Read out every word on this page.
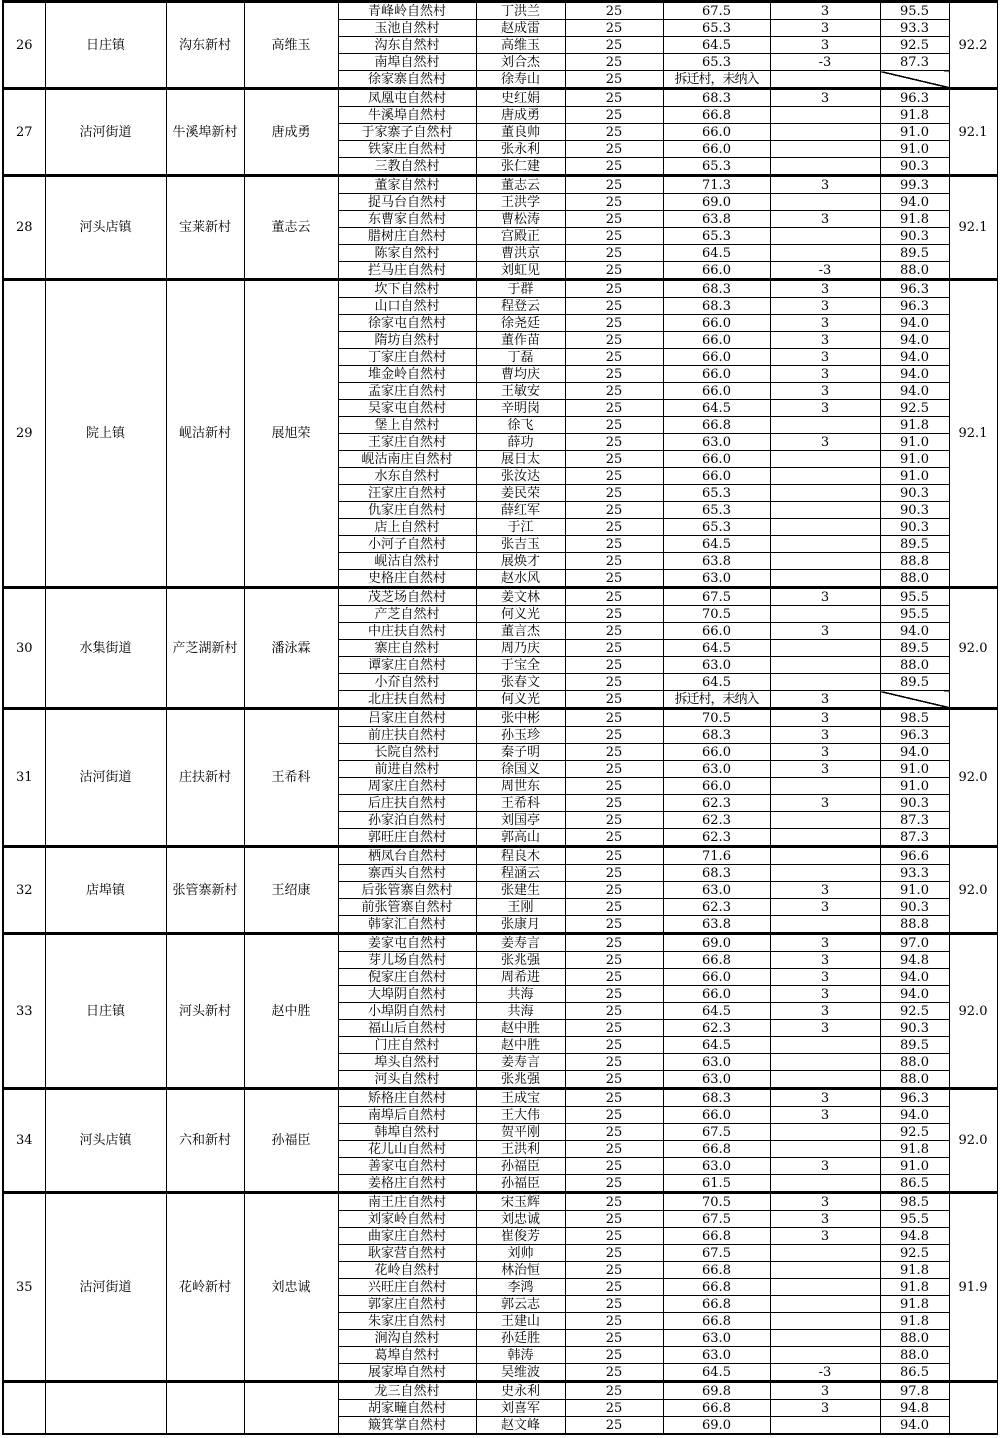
26	日庄镇	沟东新村	高维玉	青峰岭自然村	丁洪兰	25	67.5	3	95.5	92.2
				玉池自然村	赵成雷	25	65.3	3	93.3	
				沟东自然村	高维玉	25	64.5	3	92.5	
				南埠自然村	刘合杰	25	65.3	-3	87.3	
				徐家寨自然村	徐寿山	25	拆迁村，未纳入			
27	沽河街道	牛溪埠新村	唐成勇	凤凰屯自然村	史红娟	25	68.3	3	96.3	92.1
				牛溪埠自然村	唐成勇	25	66.8		91.8	
				于家寨子自然村	董良帅	25	66.0		91.0	
				铁家庄自然村	张永利	25	66.0		91.0	
				三教自然村	张仁建	25	65.3		90.3	
28	河头店镇	宝莱新村	董志云	董家自然村	董志云	25	71.3	3	99.3	92.1
				捉马台自然村	王洪学	25	69.0		94.0	
				东曹家自然村	曹松涛	25	63.8	3	91.8	
				腊树庄自然村	宫殿正	25	65.3		90.3	
				陈家自然村	曹洪京	25	64.5		89.5	
				拦马庄自然村	刘虹见	25	66.0	-3	88.0	
29	院上镇	岘沽新村	展旭荣	坎下自然村	于群	25	68.3	3	96.3	92.1
				山口自然村	程登云	25	68.3	3	96.3	
				徐家屯自然村	徐尧廷	25	66.0	3	94.0	
				隋坊自然村	董作苗	25	66.0	3	94.0	
				丁家庄自然村	丁磊	25	66.0	3	94.0	
				堆金岭自然村	曹均庆	25	66.0	3	94.0	
				孟家庄自然村	王敏安	25	66.0	3	94.0	
				吴家屯自然村	辛明岗	25	64.5	3	92.5	
				堡上自然村	徐飞	25	66.8		91.8	
				王家庄自然村	薛功	25	63.0	3	91.0	
				岘沽南庄自然村	展日太	25	66.0		91.0	
				水东自然村	张汝达	25	66.0		91.0	
				汪家庄自然村	姜民荣	25	65.3		90.3	
				仇家庄自然村	薛红军	25	65.3		90.3	
				店上自然村	于江	25	65.3		90.3	
				小河子自然村	张吉玉	25	64.5		89.5	
				岘沽自然村	展焕才	25	63.8		88.8	
				史格庄自然村	赵水风	25	63.0		88.0	
30	水集街道	产芝湖新村	潘泳霖	茂芝场自然村	姜文林	25	67.5	3	95.5	92.0
				产芝自然村	何义光	25	70.5		95.5	
				中庄扶自然村	董言杰	25	66.0	3	94.0	
				寨庄自然村	周乃庆	25	64.5		89.5	
				谭家庄自然村	于宝全	25	63.0		88.0	
				小夼自然村	张春文	25	64.5		89.5	
				北庄扶自然村	何义光	25	拆迁村，未纳入	3		
31	沽河街道	庄扶新村	王希科	吕家庄自然村	张中彬	25	70.5	3	98.5	92.0
				前庄扶自然村	孙玉珍	25	68.3	3	96.3	
				长院自然村	秦子明	25	66.0	3	94.0	
				前进自然村	徐国义	25	63.0	3	91.0	
				周家庄自然村	周世东	25	66.0		91.0	
				后庄扶自然村	王希科	25	62.3	3	90.3	
				孙家泊自然村	刘国亭	25	62.3		87.3	
				郭旺庄自然村	郭高山	25	62.3		87.3	
32	店埠镇	张管寨新村	王绍康	栖凤台自然村	程良木	25	71.6		96.6	92.0
				寨西头自然村	程涵云	25	68.3		93.3	
				后张管寨自然村	张建生	25	63.0	3	91.0	
				前张管寨自然村	王刚	25	62.3	3	90.3	
				韩家汇自然村	张康月	25	63.8		88.8	
33	日庄镇	河头新村	赵中胜	姜家屯自然村	姜寿言	25	69.0	3	97.0	92.0
				芽儿场自然村	张兆强	25	66.8	3	94.8	
				倪家庄自然村	周希进	25	66.0	3	94.0	
				大埠阴自然村	共海	25	66.0	3	94.0	
				小埠阴自然村	共海	25	64.5	3	92.5	
				福山后自然村	赵中胜	25	62.3	3	90.3	
				门庄自然村	赵中胜	25	64.5		89.5	
				埠头自然村	姜寿言	25	63.0		88.0	
				河头自然村	张兆强	25	63.0		88.0	
34	河头店镇	六和新村	孙福臣	矫格庄自然村	王成宝	25	68.3	3	96.3	92.0
				南埠后自然村	王大伟	25	66.0	3	94.0	
				韩埠自然村	贺平刚	25	67.5		92.5	
				花儿山自然村	王洪利	25	66.8		91.8	
				善家屯自然村	孙福臣	25	63.0	3	91.0	
				姜格庄自然村	孙福臣	25	61.5		86.5	
35	沽河街道	花岭新村	刘忠诚	南王庄自然村	宋玉辉	25	70.5	3	98.5	91.9
				刘家岭自然村	刘忠诚	25	67.5	3	95.5	
				曲家庄自然村	崔俊芳	25	66.8	3	94.8	
				耿家营自然村	刘帅	25	67.5		92.5	
				花岭自然村	林治恒	25	66.8		91.8	
				兴旺庄自然村	李鸿	25	66.8		91.8	
				郭家庄自然村	郭云志	25	66.8		91.8	
				朱家庄自然村	王建山	25	66.8		91.8	
				涧沟自然村	孙廷胜	25	63.0		88.0	
				葛埠自然村	韩涛	25	63.0		88.0	
				展家埠自然村	吴维波	25	64.5	-3	86.5	
				龙三自然村	史永利	25	69.8	3	97.8	
				胡家疃自然村	刘喜军	25	66.8	3	94.8	
				簸箕掌自然村	赵文峰	25	69.0		94.0	
